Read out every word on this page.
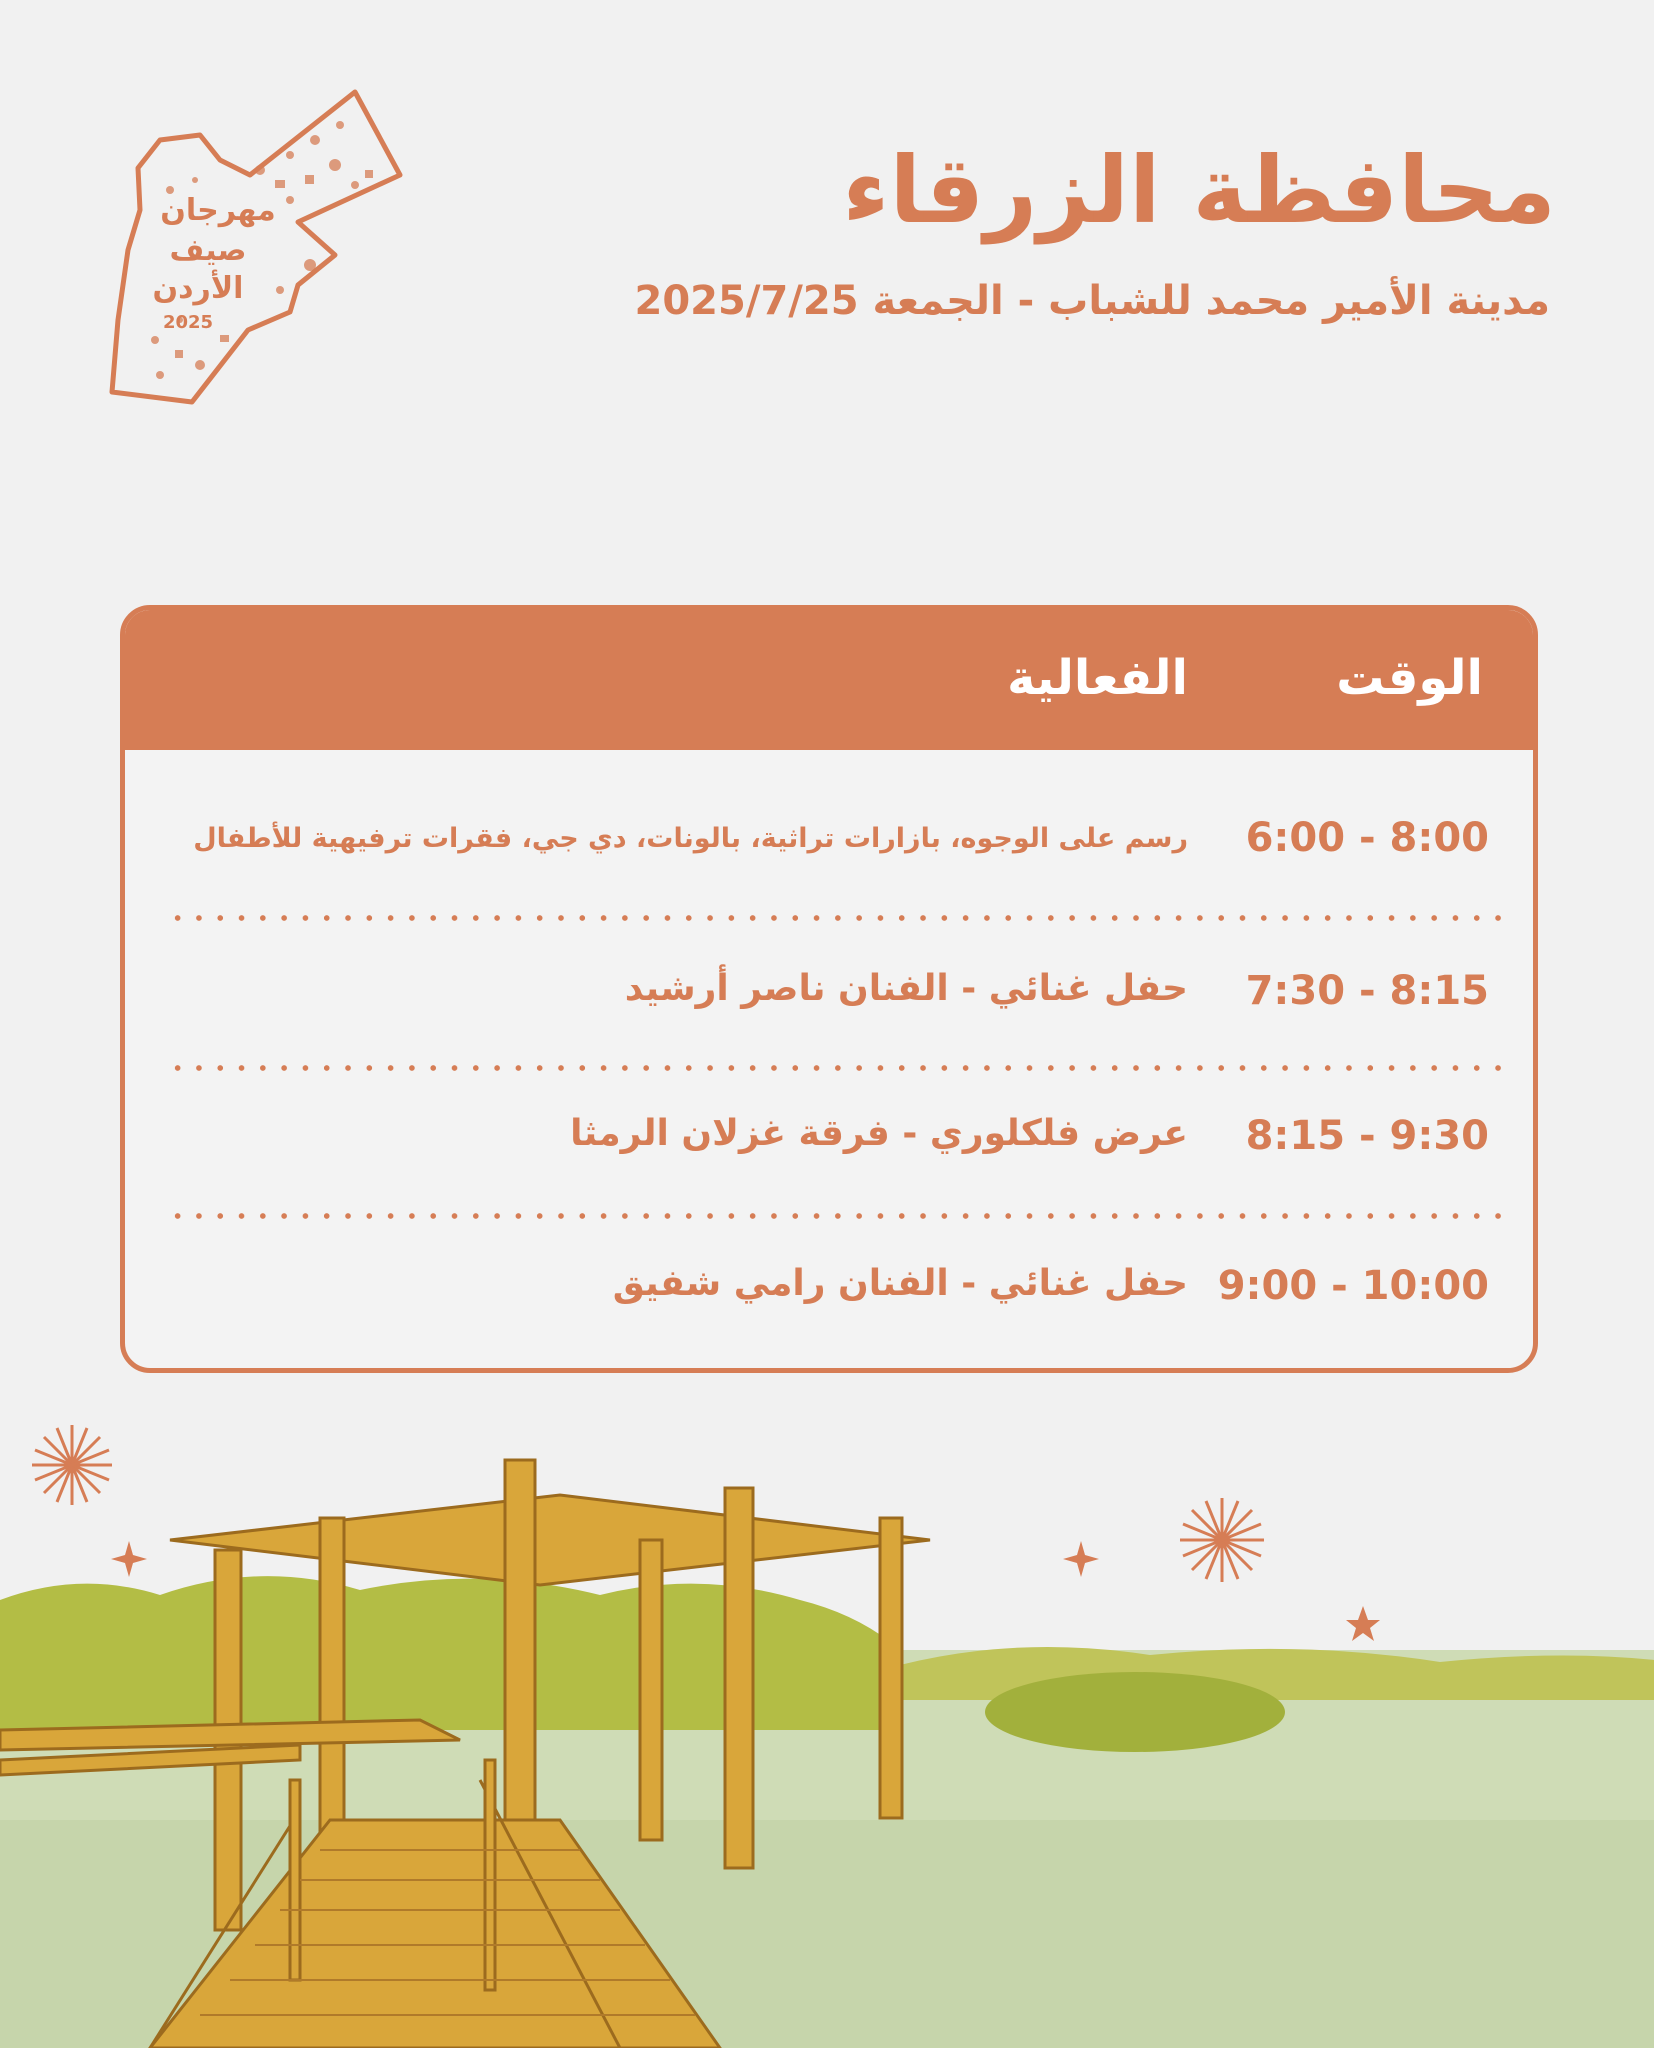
مهرجان
صيف
الأردن
2025
محافظة الزرقاء
مدينة الأمير محمد للشباب - الجمعة 2025/7/25
الوقت
الفعالية
6:00 - 8:00
رسم على الوجوه، بازارات تراثية، بالونات، دي جي، فقرات ترفيهية للأطفال
7:30 - 8:15
حفل غنائي - الفنان ناصر أرشيد
8:15 - 9:30
عرض فلكلوري - فرقة غزلان الرمثا
9:00 - 10:00
حفل غنائي - الفنان رامي شفيق
